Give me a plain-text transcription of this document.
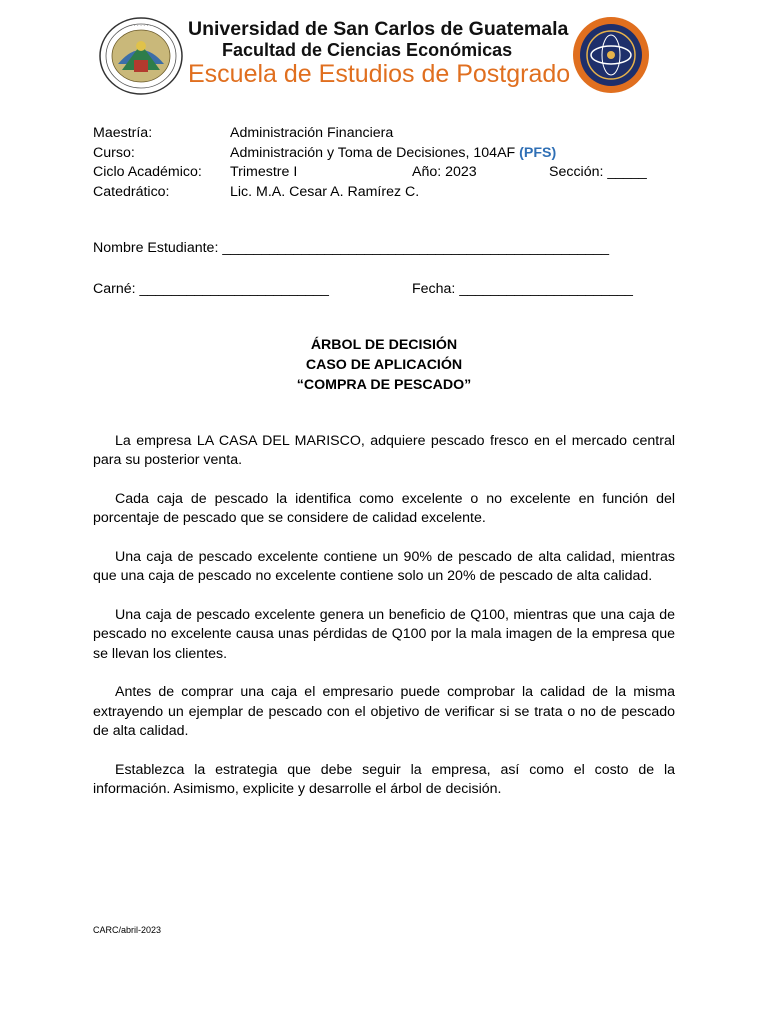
· · · · · · · Universidad de San Carlos de Guatemala
Facultad de Ciencias Económicas
Escuela de Estudios de Postgrado
Maestría:	Administración Financiera
Curso:	Administración y Toma de Decisiones, 104AF (PFS)
Ciclo Académico: Trimestre I	Año: 2023	Sección: _____
Catedrático:	Lic. M.A. Cesar A. Ramírez C.
Nombre Estudiante: _________________________________________________
Carné: ________________________	Fecha: ______________________
ÁRBOL DE DECISIÓN
CASO DE APLICACIÓN
“COMPRA DE PESCADO”

La empresa LA CASA DEL MARISCO, adquiere pescado fresco en el mercado central para su posterior venta.

Cada caja de pescado la identifica como excelente o no excelente en función del porcentaje de pescado que se considere de calidad excelente.

Una caja de pescado excelente contiene un 90% de pescado de alta calidad, mientras que una caja de pescado no excelente contiene solo un 20% de pescado de alta calidad.

Una caja de pescado excelente genera un beneficio de Q100, mientras que una caja de pescado no excelente causa unas pérdidas de Q100 por la mala imagen de la empresa que se llevan los clientes.

Antes de comprar una caja el empresario puede comprobar la calidad de la misma extrayendo un ejemplar de pescado con el objetivo de verificar si se trata o no de pescado de alta calidad.

Establezca la estrategia que debe seguir la empresa, así como el costo de la información. Asimismo, explicite y desarrolle el árbol de decisión.

CARC/abril-2023
